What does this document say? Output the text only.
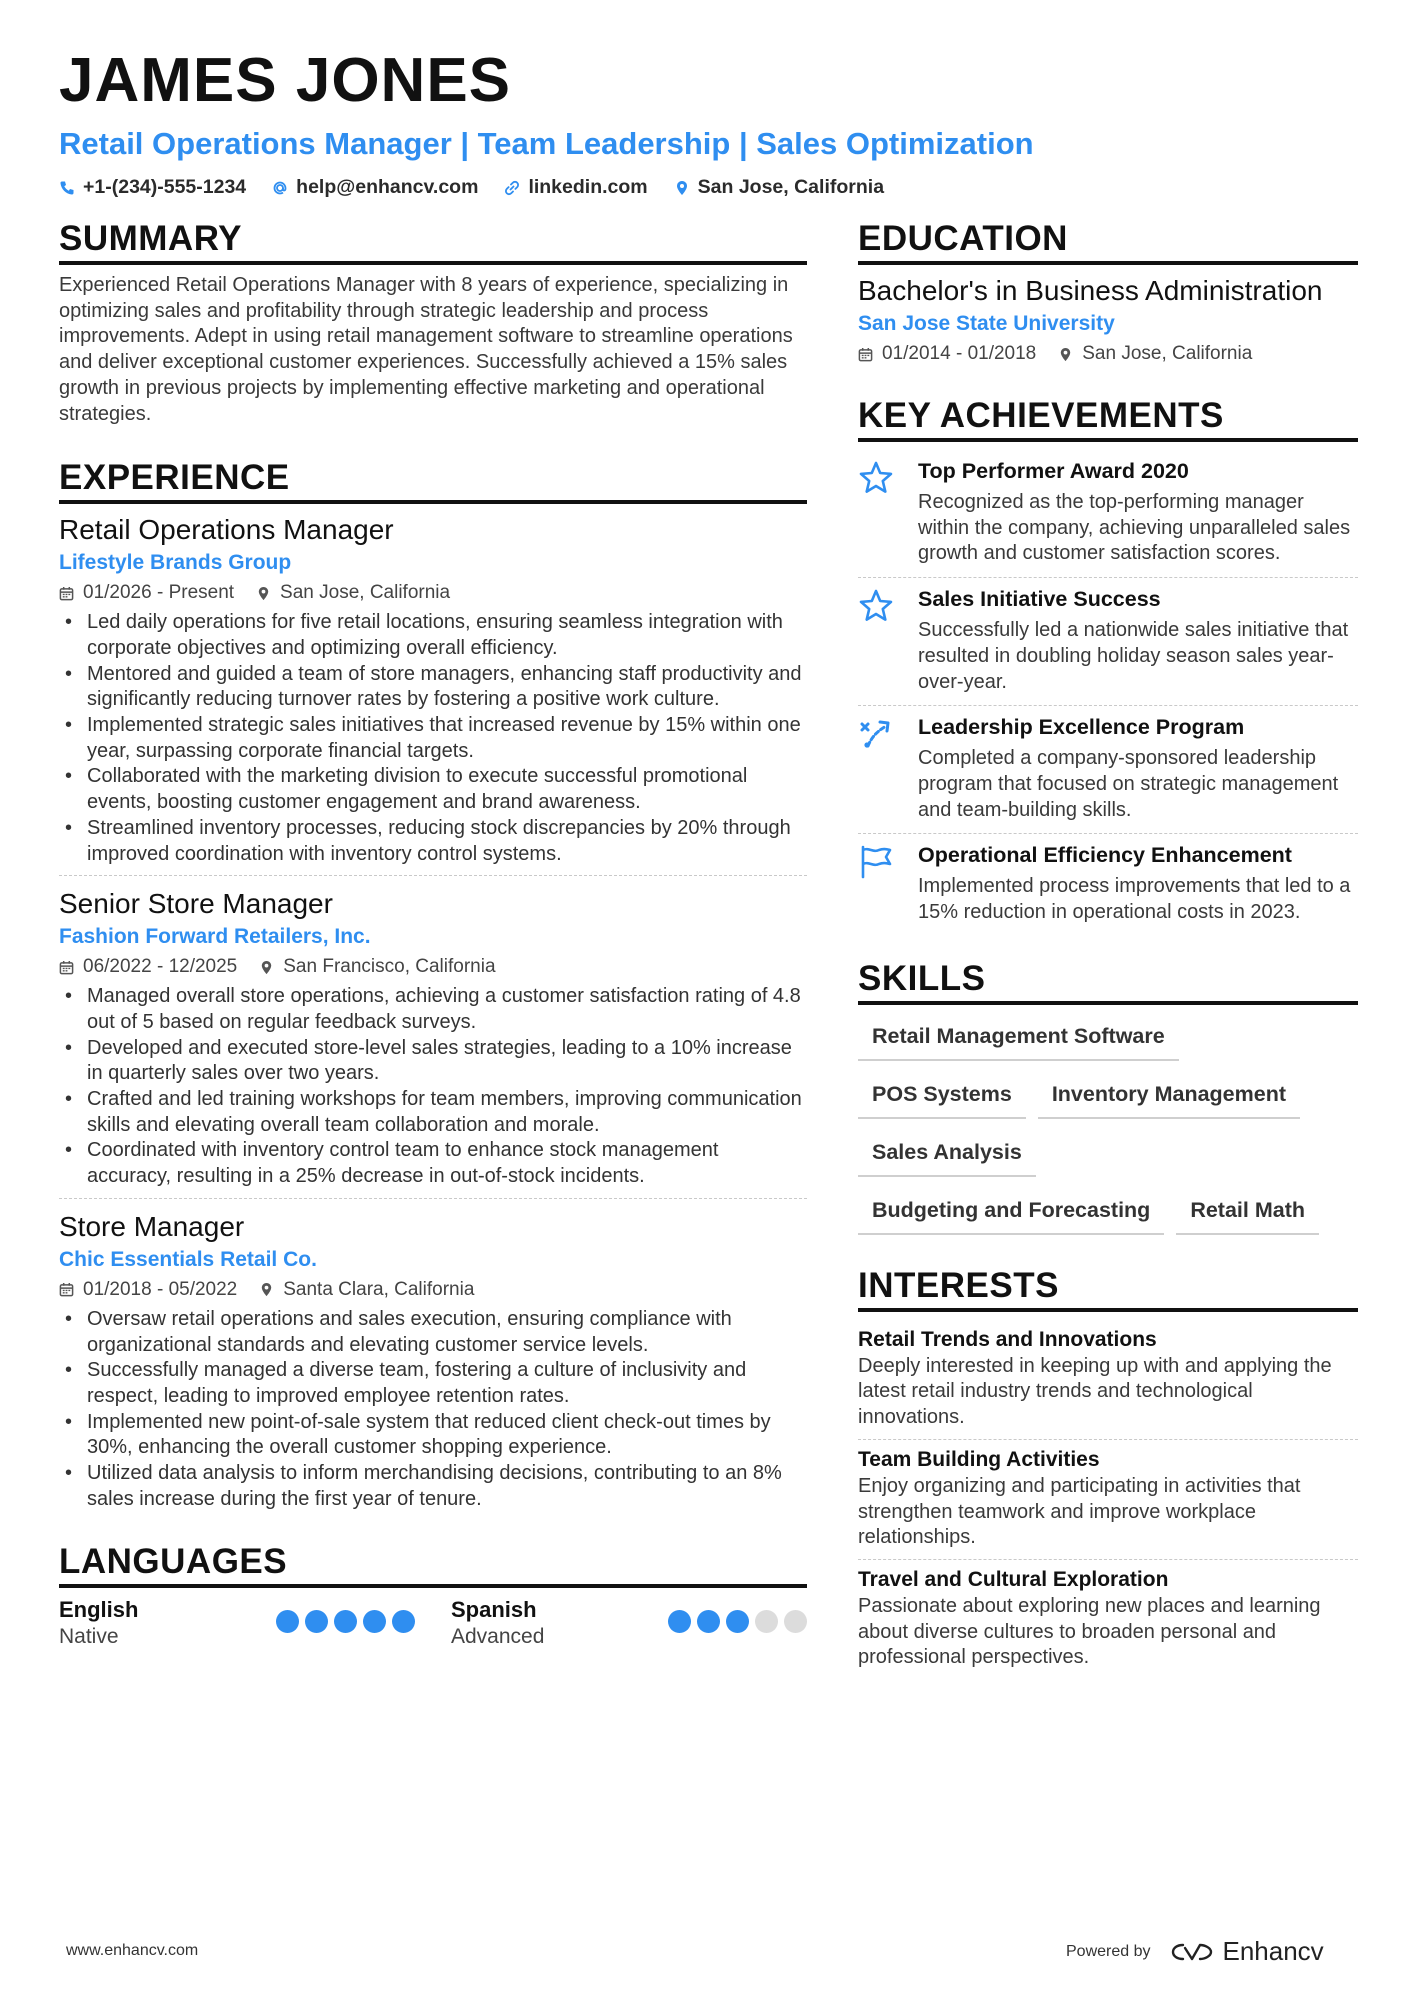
JAMES JONES
Retail Operations Manager | Team Leadership | Sales Optimization
+1-(234)-555-1234	help@enhancv.com	linkedin.com	San Jose, California
SUMMARY

Experienced Retail Operations Manager with 8 years of experience, specializing in optimizing sales and profitability through strategic leadership and process improvements. Adept in using retail management software to streamline operations and deliver exceptional customer experiences. Successfully achieved a 15% sales growth in previous projects by implementing effective marketing and operational strategies.

EXPERIENCE
Retail Operations Manager
Lifestyle Brands Group
01/2026 - Present San Jose, California
• Led daily operations for five retail locations, ensuring seamless integration with corporate objectives and optimizing overall efficiency.
• Mentored and guided a team of store managers, enhancing staff productivity and significantly reducing turnover rates by fostering a positive work culture.
• Implemented strategic sales initiatives that increased revenue by 15% within one year, surpassing corporate financial targets.
• Collaborated with the marketing division to execute successful promotional events, boosting customer engagement and brand awareness.
• Streamlined inventory processes, reducing stock discrepancies by 20% through improved coordination with inventory control systems.
Senior Store Manager
Fashion Forward Retailers, Inc.
06/2022 - 12/2025 San Francisco, California
• Managed overall store operations, achieving a customer satisfaction rating of 4.8 out of 5 based on regular feedback surveys.
• Developed and executed store-level sales strategies, leading to a 10% increase in quarterly sales over two years.
• Crafted and led training workshops for team members, improving communication skills and elevating overall team collaboration and morale.
• Coordinated with inventory control team to enhance stock management accuracy, resulting in a 25% decrease in out-of-stock incidents.
Store Manager
Chic Essentials Retail Co.
01/2018 - 05/2022 Santa Clara, California
• Oversaw retail operations and sales execution, ensuring compliance with organizational standards and elevating customer service levels.
• Successfully managed a diverse team, fostering a culture of inclusivity and respect, leading to improved employee retention rates.
• Implemented new point-of-sale system that reduced client check-out times by 30%, enhancing the overall customer shopping experience.
• Utilized data analysis to inform merchandising decisions, contributing to an 8% sales increase during the first year of tenure.
LANGUAGES
English
Native
Spanish
Advanced
EDUCATION
Bachelor's in Business Administration
San Jose State University
01/2014 - 01/2018 San Jose, California
KEY ACHIEVEMENTS
Top Performer Award 2020
Recognized as the top-performing manager within the company, achieving unparalleled sales growth and customer satisfaction scores.
Sales Initiative Success
Successfully led a nationwide sales initiative that resulted in doubling holiday season sales year-over-year.
Leadership Excellence Program
Completed a company-sponsored leadership program that focused on strategic management and team-building skills.
Operational Efficiency Enhancement
Implemented process improvements that led to a 15% reduction in operational costs in 2023.
SKILLS
Retail Management Software
POS Systems	Inventory Management
Sales Analysis
Budgeting and Forecasting	Retail Math
INTERESTS
Retail Trends and Innovations
Deeply interested in keeping up with and applying the latest retail industry trends and technological innovations.
Team Building Activities
Enjoy organizing and participating in activities that strengthen teamwork and improve workplace relationships.
Travel and Cultural Exploration
Passionate about exploring new places and learning about diverse cultures to broaden personal and professional perspectives.
www.enhancv.com	Powered by	Enhancv
